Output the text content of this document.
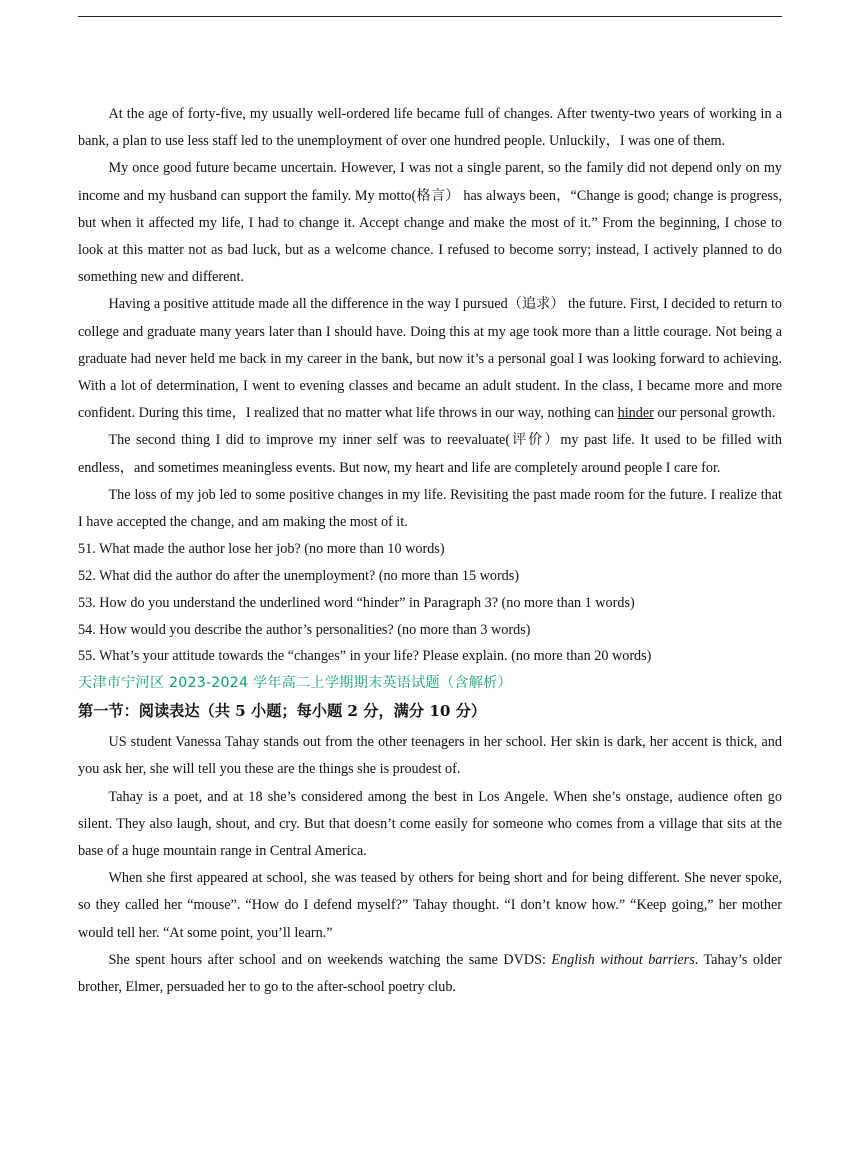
At the age of forty-five, my usually well-ordered life became full of changes. After twenty-two years of working in a bank, a plan to use less staff led to the unemployment of over one hundred people. Unluckily，I was one of them.

My once good future became uncertain. However, I was not a single parent, so the family did not depend only on my income and my husband can support the family. My motto(格言） has always been，“Change is good; change is progress, but when it affected my life, I had to change it. Accept change and make the most of it.” From the beginning, I chose to look at this matter not as bad luck, but as a welcome chance. I refused to become sorry; instead, I actively planned to do something new and different.

Having a positive attitude made all the difference in the way I pursued（追求） the future. First, I decided to return to college and graduate many years later than I should have. Doing this at my age took more than a little courage. Not being a graduate had never held me back in my career in the bank, but now it’s a personal goal I was looking forward to achieving. With a lot of determination, I went to evening classes and became an adult student. In the class, I became more and more confident. During this time，I realized that no matter what life throws in our way, nothing can hinder our personal growth.

The second thing I did to improve my inner self was to reevaluate(评价）my past life. It used to be filled with endless，and sometimes meaningless events. But now, my heart and life are completely around people I care for.

The loss of my job led to some positive changes in my life. Revisiting the past made room for the future. I realize that I have accepted the change, and am making the most of it.

51. What made the author lose her job? (no more than 10 words)

52. What did the author do after the unemployment? (no more than 15 words)

53. How do you understand the underlined word “hinder” in Paragraph 3? (no more than 1 words)

54. How would you describe the author’s personalities? (no more than 3 words)

55. What’s your attitude towards the “changes” in your life? Please explain. (no more than 20 words)

天津市宁河区 2023-2024 学年高二上学期期末英语试题（含解析）

第一节：阅读表达（共 5 小题；每小题 2 分，满分 10 分）

US student Vanessa Tahay stands out from the other teenagers in her school. Her skin is dark, her accent is thick, and you ask her, she will tell you these are the things she is proudest of.

Tahay is a poet, and at 18 she’s considered among the best in Los Angele. When she’s onstage, audience often go silent. They also laugh, shout, and cry. But that doesn’t come easily for someone who comes from a village that sits at the base of a huge mountain range in Central America.

When she first appeared at school, she was teased by others for being short and for being different. She never spoke, so they called her “mouse”. “How do I defend myself?” Tahay thought. “I don’t know how.” “Keep going,” her mother would tell her. “At some point, you’ll learn.”

She spent hours after school and on weekends watching the same DVDS: English without barriers. Tahay’s older brother, Elmer, persuaded her to go to the after-school poetry club.
